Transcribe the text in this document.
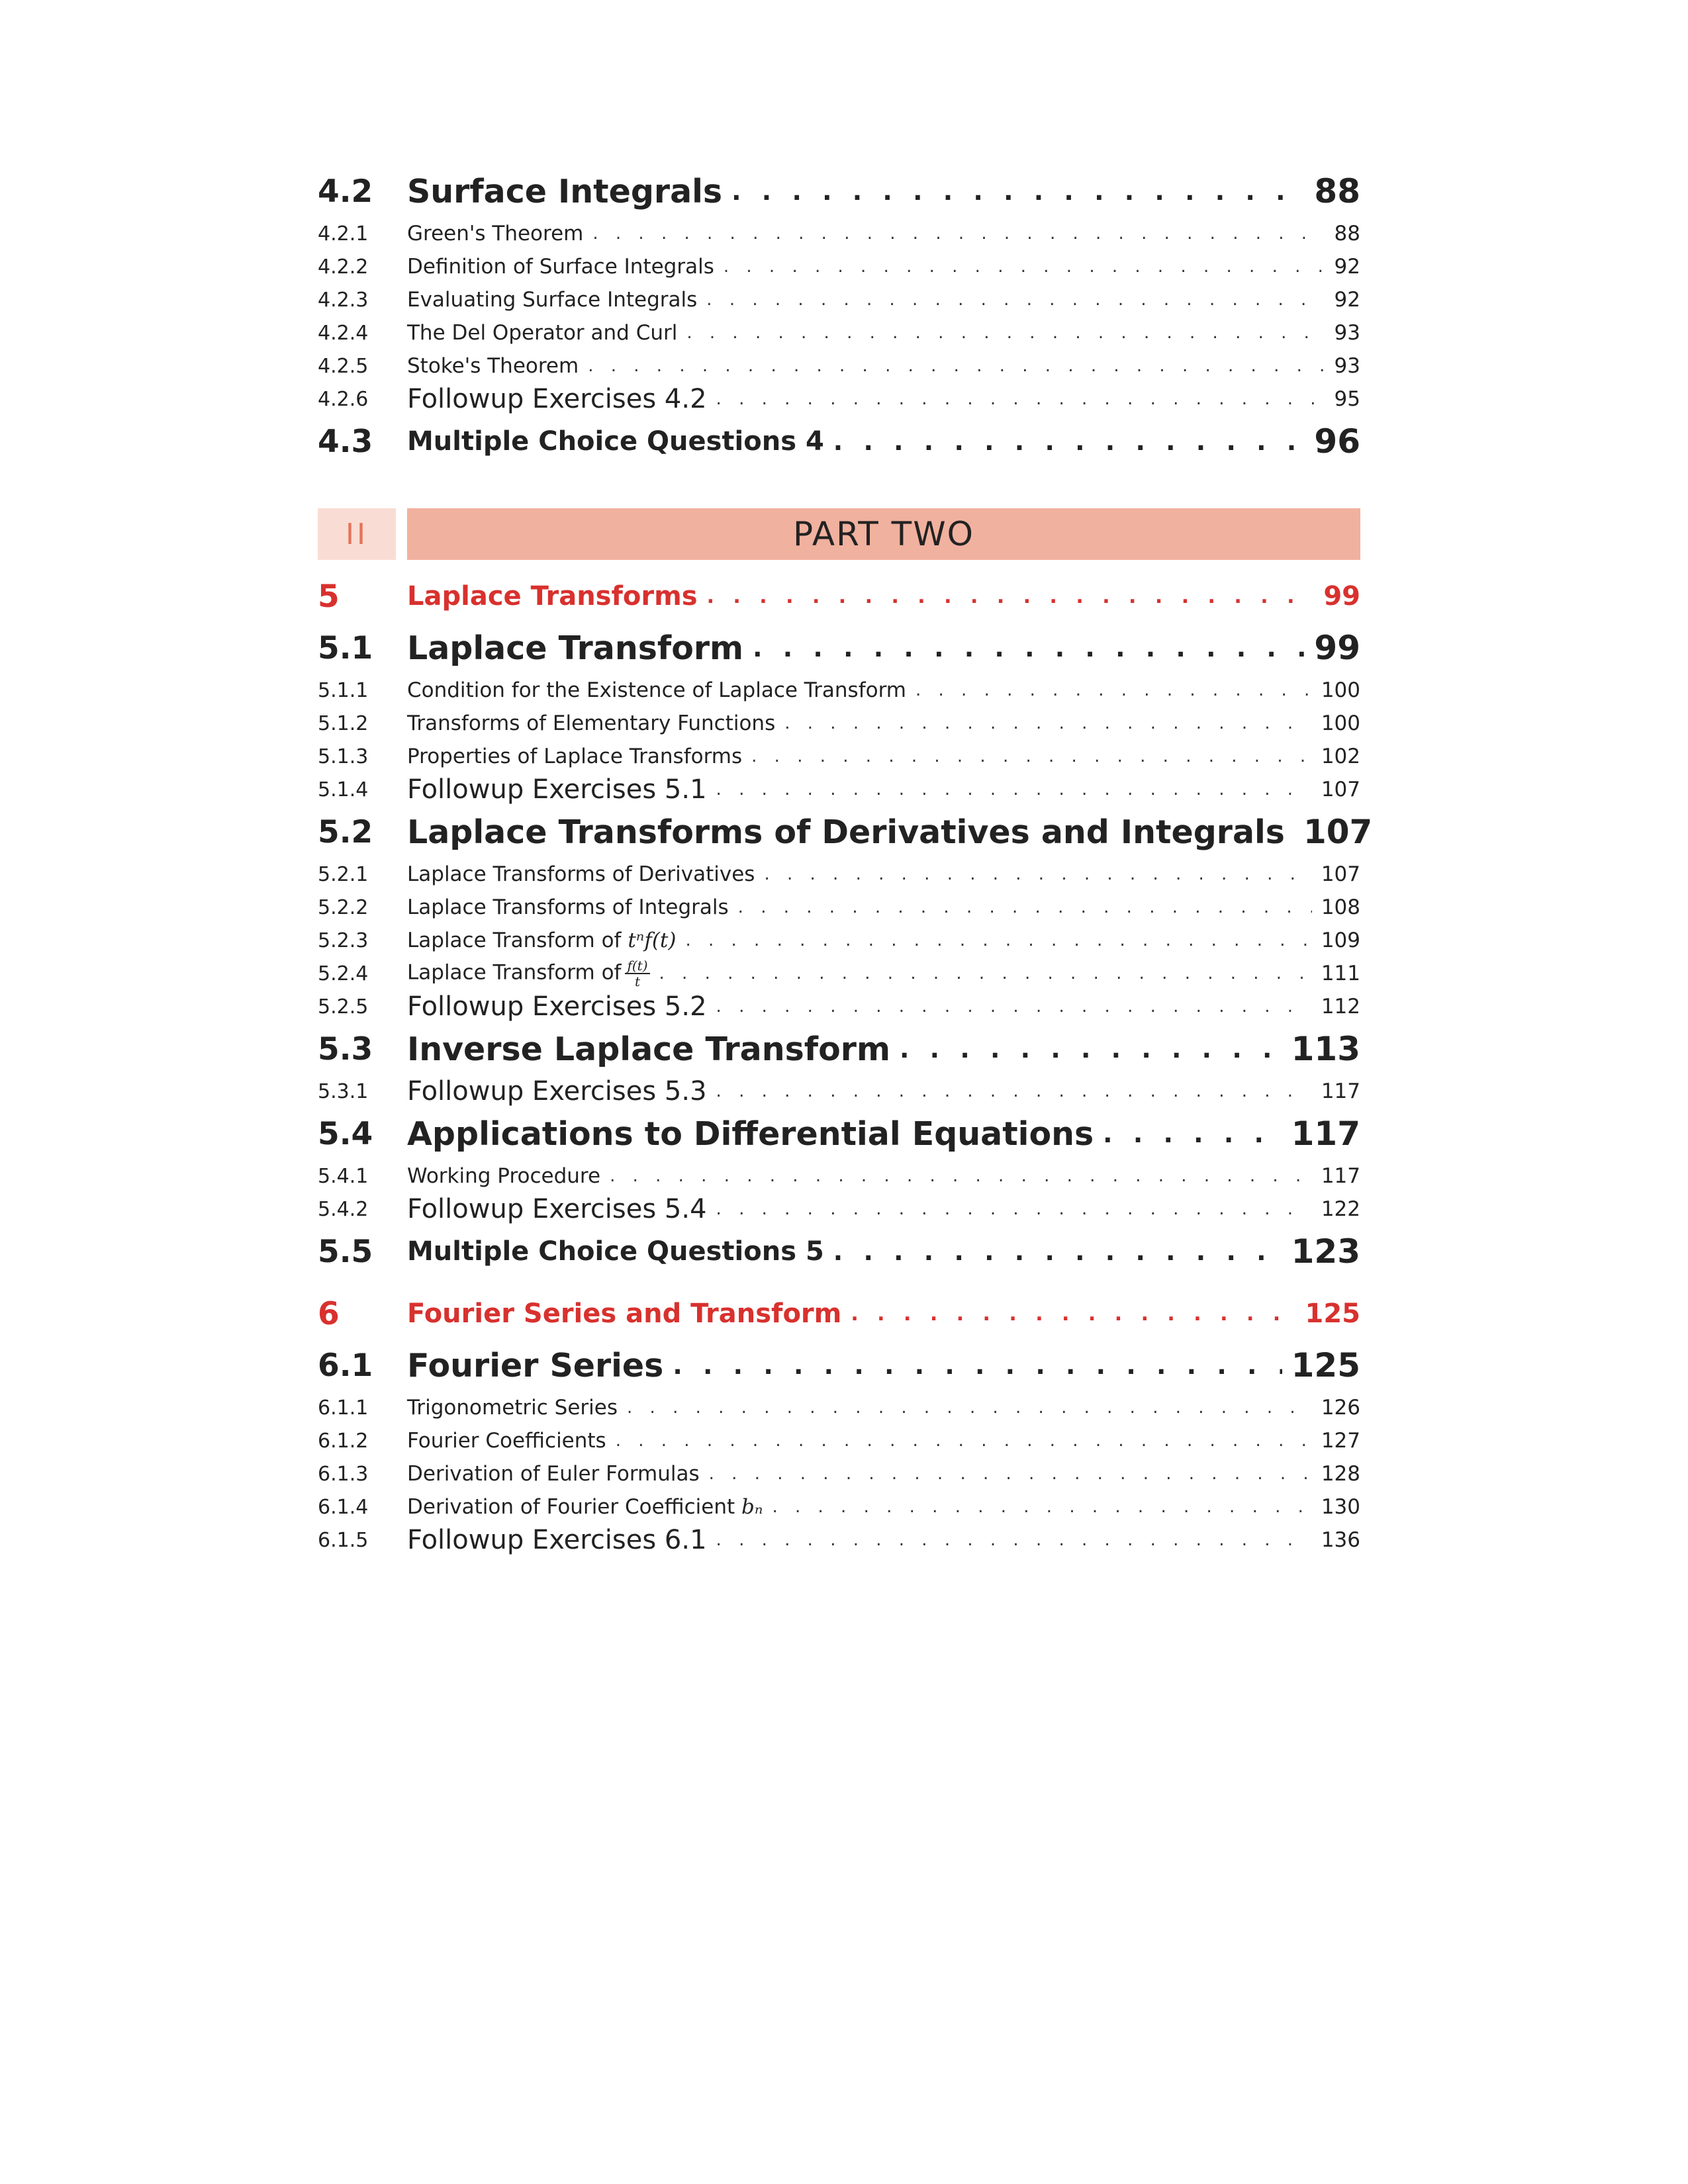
4.2	Surface Integrals . . .	88
4.2.1	Green's Theorem . . .	88
4.2.2	Definition of Surface Integrals . . .	92
4.2.3	Evaluating Surface Integrals . . .	92
4.2.4	The Del Operator and Curl . . .	93
4.2.5	Stoke's Theorem . . .	93
4.2.6	Followup Exercises 4.2 . . .	95
4.3	Multiple Choice Questions 4 . . .	96
II	PART TWO
5	Laplace Transforms . . .	99
5.1	Laplace Transform . . .	99
5.1.1	Condition for the Existence of Laplace Transform . . .	100
5.1.2	Transforms of Elementary Functions . . .	100
5.1.3	Properties of Laplace Transforms . . .	102
5.1.4	Followup Exercises 5.1 . . .	107
5.2	Laplace Transforms of Derivatives and Integrals 107
5.2.1	Laplace Transforms of Derivatives . . .	107
5.2.2	Laplace Transforms of Integrals . . .	108
5.2.3	Laplace Transform of tⁿf(t) . . .	109
5.2.4	Laplace Transform of $\frac{f(t)}{t}$ . . .	111
5.2.5	Followup Exercises 5.2 . . .	112
5.3	Inverse Laplace Transform . . .	113
5.3.1	Followup Exercises 5.3 . . .	117
5.4	Applications to Differential Equations . . .	117
5.4.1	Working Procedure . . .	117
5.4.2	Followup Exercises 5.4 . . .	122
5.5	Multiple Choice Questions 5 . . .	123
6	Fourier Series and Transform . . .	125
6.1	Fourier Series . . .	125
6.1.1	Trigonometric Series . . .	126
6.1.2	Fourier Coefficients . . .	127
6.1.3	Derivation of Euler Formulas . . .	128
6.1.4	Derivation of Fourier Coefficient bₙ . . .	130
6.1.5	Followup Exercises 6.1 . . .	136
